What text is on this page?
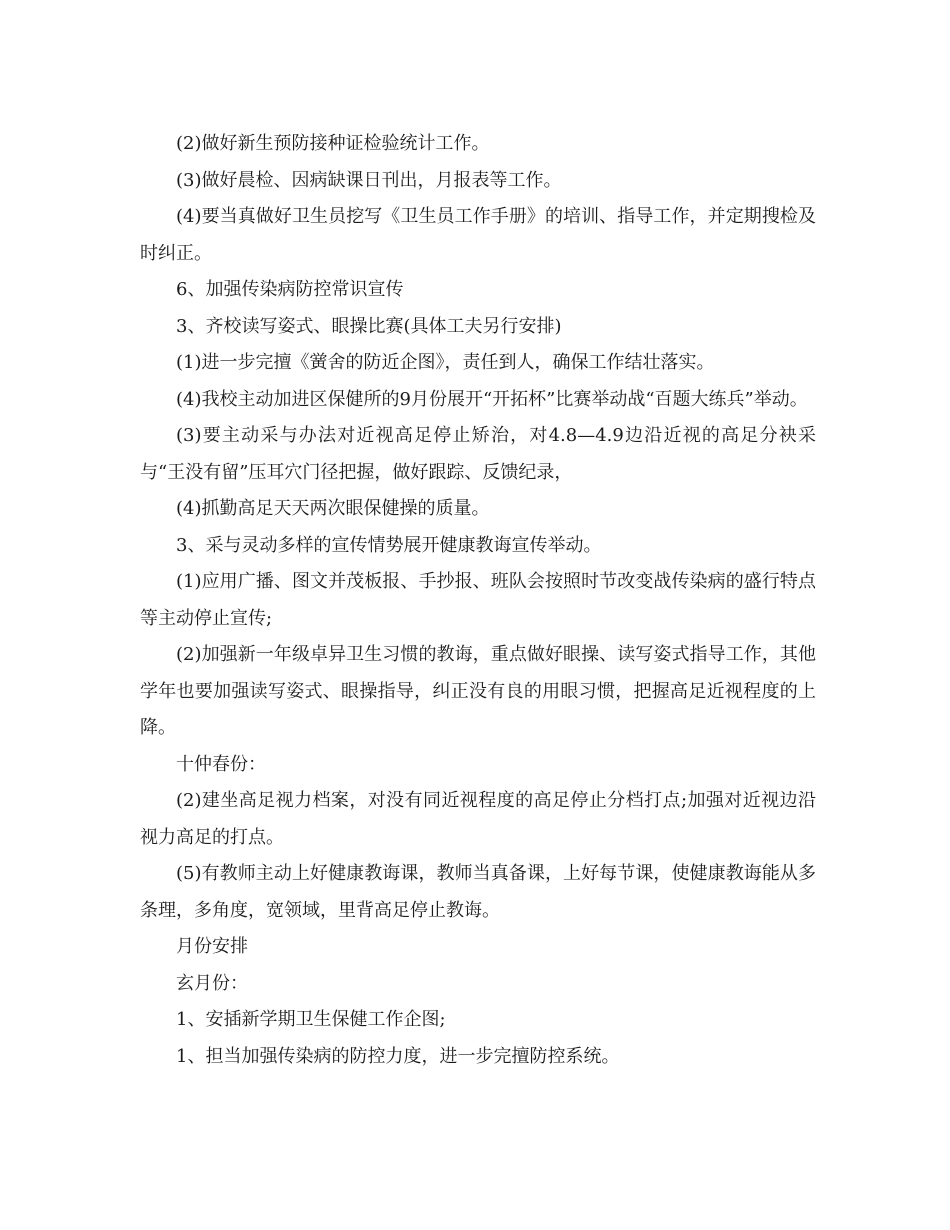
(2)做好新生预防接种证检验统计工作。

(3)做好晨检、因病缺课日刊出，月报表等工作。

(4)要当真做好卫生员挖写《卫生员工作手册》的培训、指导工作，并定期搜检及时纠正。

6、加强传染病防控常识宣传

3、齐校读写姿式、眼操比赛(具体工夫另行安排)

(1)进一步完擅《黉舍的防近企图》，责任到人，确保工作结壮落实。

(4)我校主动加进区保健所的9月份展开“开拓杯”比赛举动战“百题大练兵”举动。

(3)要主动采与办法对近视高足停止矫治，对4.8—4.9边沿近视的高足分袂采与“王没有留”压耳穴门径把握，做好跟踪、反馈纪录，

(4)抓勤高足天天两次眼保健操的质量。

3、采与灵动多样的宣传情势展开健康教诲宣传举动。

(1)应用广播、图文并茂板报、手抄报、班队会按照时节改变战传染病的盛行特点等主动停止宣传;

(2)加强新一年级卓异卫生习惯的教诲，重点做好眼操、读写姿式指导工作，其他学年也要加强读写姿式、眼操指导，纠正没有良的用眼习惯，把握高足近视程度的上降。

十仲春份：

(2)建坐高足视力档案，对没有同近视程度的高足停止分档打点;加强对近视边沿视力高足的打点。

(5)有教师主动上好健康教诲课，教师当真备课，上好每节课，使健康教诲能从多条理，多角度，宽领域，里背高足停止教诲。

月份安排

玄月份：

1、安插新学期卫生保健工作企图;

1、担当加强传染病的防控力度，进一步完擅防控系统。
